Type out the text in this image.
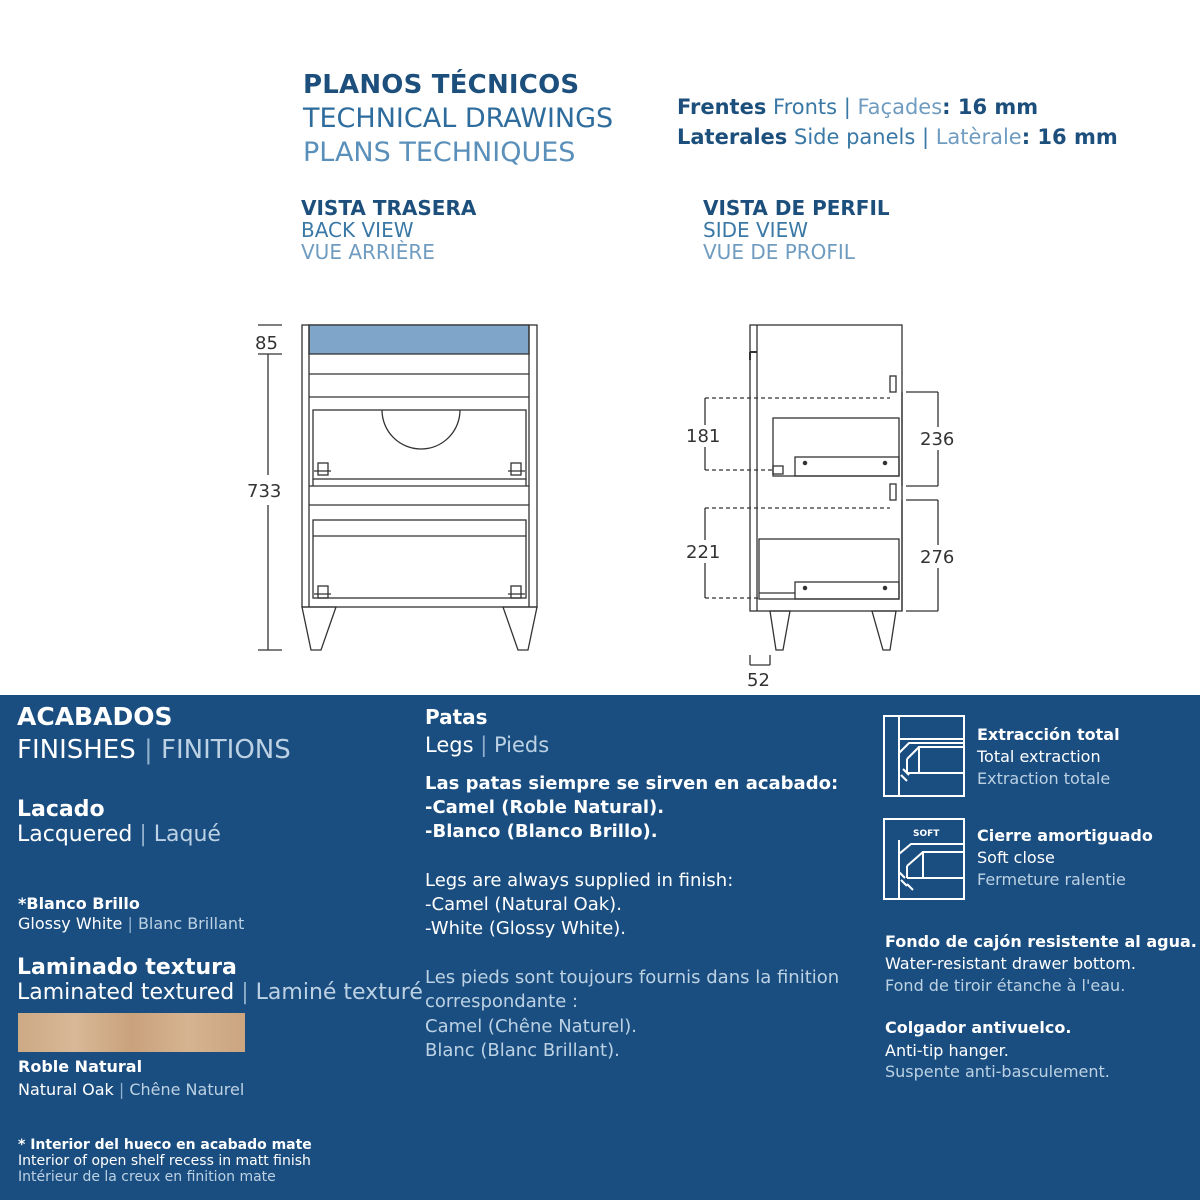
PLANOS TÉCNICOS
TECHNICAL DRAWINGS
PLANS TECHNIQUES
Frentes Fronts | Façades: 16 mm
Laterales Side panels | Latèrale: 16 mm
VISTA TRASERA
BACK VIEW
VUE ARRIÈRE
VISTA DE PERFIL
SIDE VIEW
VUE DE PROFIL
85
733
181
221
236
276
52
ACABADOS
FINISHES | FINITIONS
Lacado
Lacquered | Laqué
*Blanco Brillo
Glossy White | Blanc Brillant
Laminado textura
Laminated textured | Laminé texturé
Roble Natural
Natural Oak | Chêne Naturel
* Interior del hueco en acabado mate
Interior of open shelf recess in matt finish
Intérieur de la creux en finition mate
Patas
Legs | Pieds
Las patas siempre se sirven en acabado:
-Camel (Roble Natural).
-Blanco (Blanco Brillo).
Legs are always supplied in finish:
-Camel (Natural Oak).
-White (Glossy White).
Les pieds sont toujours fournis dans la finition
correspondante :
Camel (Chêne Naturel).
Blanc (Blanc Brillant).
Extracción total
Total extraction
Extraction totale
SOFT Cierre amortiguado
Soft close
Fermeture ralentie
Fondo de cajón resistente al agua.
Water-resistant drawer bottom.
Fond de tiroir étanche à l'eau.
Colgador antivuelco.
Anti-tip hanger.
Suspente anti-basculement.
